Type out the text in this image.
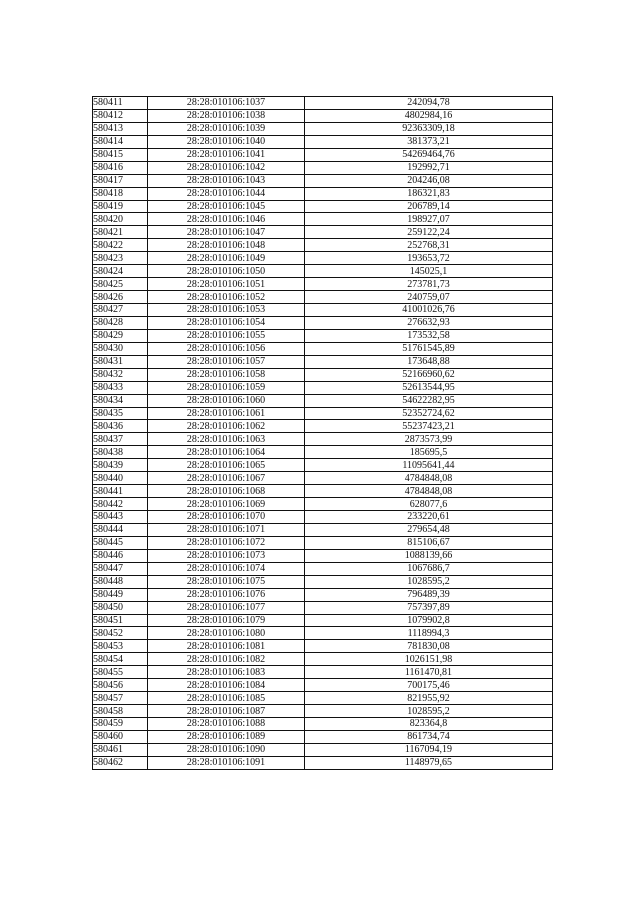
580411	28:28:010106:1037	242094,78
580412	28:28:010106:1038	4802984,16
580413	28:28:010106:1039	92363309,18
580414	28:28:010106:1040	381373,21
580415	28:28:010106:1041	54269464,76
580416	28:28:010106:1042	192992,71
580417	28:28:010106:1043	204246,08
580418	28:28:010106:1044	186321,83
580419	28:28:010106:1045	206789,14
580420	28:28:010106:1046	198927,07
580421	28:28:010106:1047	259122,24
580422	28:28:010106:1048	252768,31
580423	28:28:010106:1049	193653,72
580424	28:28:010106:1050	145025,1
580425	28:28:010106:1051	273781,73
580426	28:28:010106:1052	240759,07
580427	28:28:010106:1053	41001026,76
580428	28:28:010106:1054	276632,93
580429	28:28:010106:1055	173532,58
580430	28:28:010106:1056	51761545,89
580431	28:28:010106:1057	173648,88
580432	28:28:010106:1058	52166960,62
580433	28:28:010106:1059	52613544,95
580434	28:28:010106:1060	54622282,95
580435	28:28:010106:1061	52352724,62
580436	28:28:010106:1062	55237423,21
580437	28:28:010106:1063	2873573,99
580438	28:28:010106:1064	185695,5
580439	28:28:010106:1065	11095641,44
580440	28:28:010106:1067	4784848,08
580441	28:28:010106:1068	4784848,08
580442	28:28:010106:1069	628077,6
580443	28:28:010106:1070	233220,61
580444	28:28:010106:1071	279654,48
580445	28:28:010106:1072	815106,67
580446	28:28:010106:1073	1088139,66
580447	28:28:010106:1074	1067686,7
580448	28:28:010106:1075	1028595,2
580449	28:28:010106:1076	796489,39
580450	28:28:010106:1077	757397,89
580451	28:28:010106:1079	1079902,8
580452	28:28:010106:1080	1118994,3
580453	28:28:010106:1081	781830,08
580454	28:28:010106:1082	1026151,98
580455	28:28:010106:1083	1161470,81
580456	28:28:010106:1084	700175,46
580457	28:28:010106:1085	821955,92
580458	28:28:010106:1087	1028595,2
580459	28:28:010106:1088	823364,8
580460	28:28:010106:1089	861734,74
580461	28:28:010106:1090	1167094,19
580462	28:28:010106:1091	1148979,65
